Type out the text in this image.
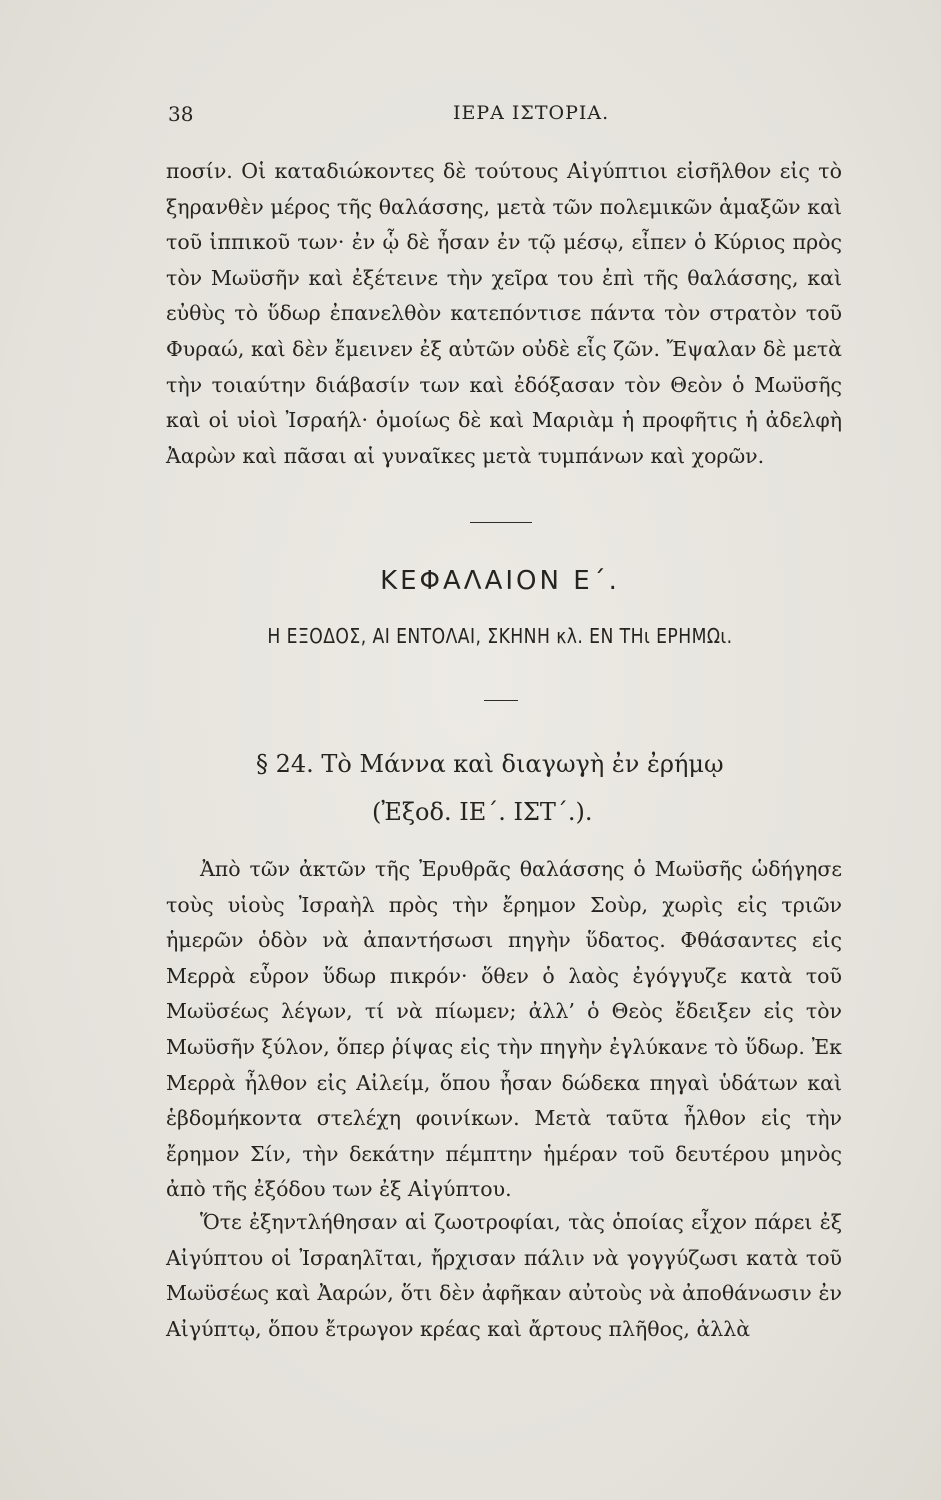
38	ΙΕΡΑ ΙΣΤΟΡΙΑ.

ποσίν. Οἱ καταδιώκοντες δὲ τούτους Αἰγύπτιοι εἰσῆλθον εἰς τὸ ξηρανθὲν μέρος τῆς θαλάσσης, μετὰ τῶν πολεμικῶν ἁμαξῶν καὶ τοῦ ἱππικοῦ των· ἐν ᾧ δὲ ἦσαν ἐν τῷ μέσῳ, εἶπεν ὁ Κύριος πρὸς τὸν Μωϋσῆν καὶ ἐξέτεινε τὴν χεῖρα του ἐπὶ τῆς θαλάσσης, καὶ εὐθὺς τὸ ὕδωρ ἐπανελθὸν κατεπόντισε πάντα τὸν στρατὸν τοῦ Φυραώ, καὶ δὲν ἔμεινεν ἐξ αὐτῶν οὐδὲ εἷς ζῶν. Ἔψαλαν δὲ μετὰ τὴν τοιαύτην διάβασίν των καὶ ἐδόξασαν τὸν Θεὸν ὁ Μωϋσῆς καὶ οἱ υἱοὶ Ἰσραήλ· ὁμοίως δὲ καὶ Μαριὰμ ἡ προφῆτις ἡ ἀδελφὴ Ἀαρὼν καὶ πᾶσαι αἱ γυναῖκες μετὰ τυμπάνων καὶ χορῶν.

ΚΕΦΑΛΑΙΟΝ Ε΄.
Η ΕΞΟΔΟΣ, ΑΙ ΕΝΤΟΛΑΙ, ΣΚΗΝΗ κλ. ΕΝ ΤΗι ΕΡΗΜΩι.
§ 24. Τὸ Μάννα καὶ διαγωγὴ ἐν ἐρήμῳ
(Ἐξοδ. ΙΕ΄. ΙΣΤ΄.).

Ἀπὸ τῶν ἀκτῶν τῆς Ἐρυθρᾶς θαλάσσης ὁ Μωϋσῆς ὡδήγησε τοὺς υἱοὺς Ἰσραὴλ πρὸς τὴν ἔρημον Σοὺρ, χωρὶς εἰς τριῶν ἡμερῶν ὁδὸν νὰ ἀπαντήσωσι πηγὴν ὕδατος. Φθάσαντες εἰς Μερρὰ εὗρον ὕδωρ πικρόν· ὅθεν ὁ λαὸς ἐγόγγυζε κατὰ τοῦ Μωϋσέως λέγων, τί νὰ πίωμεν; ἀλλ’ ὁ Θεὸς ἔδειξεν εἰς τὸν Μωϋσῆν ξύλον, ὅπερ ῥίψας εἰς τὴν πηγὴν ἐγλύκανε τὸ ὕδωρ. Ἐκ Μερρὰ ἦλθον εἰς Αἰλείμ, ὅπου ἦσαν δώδεκα πηγαὶ ὑδάτων καὶ ἑβδομήκοντα στελέχη φοινίκων. Μετὰ ταῦτα ἦλθον εἰς τὴν ἔρημον Σίν, τὴν δεκάτην πέμπτην ἡμέραν τοῦ δευτέρου μηνὸς ἀπὸ τῆς ἐξόδου των ἐξ Αἰγύπτου.

Ὅτε ἐξηντλήθησαν αἱ ζωοτροφίαι, τὰς ὁποίας εἶχον πάρει ἐξ Αἰγύπτου οἱ Ἰσραηλῖται, ἤρχισαν πάλιν νὰ γογγύζωσι κατὰ τοῦ Μωϋσέως καὶ Ἀαρών, ὅτι δὲν ἀφῆκαν αὐτοὺς νὰ ἀποθάνωσιν ἐν Αἰγύπτῳ, ὅπου ἔτρωγον κρέας καὶ ἄρτους πλῆθος, ἀλλὰ
